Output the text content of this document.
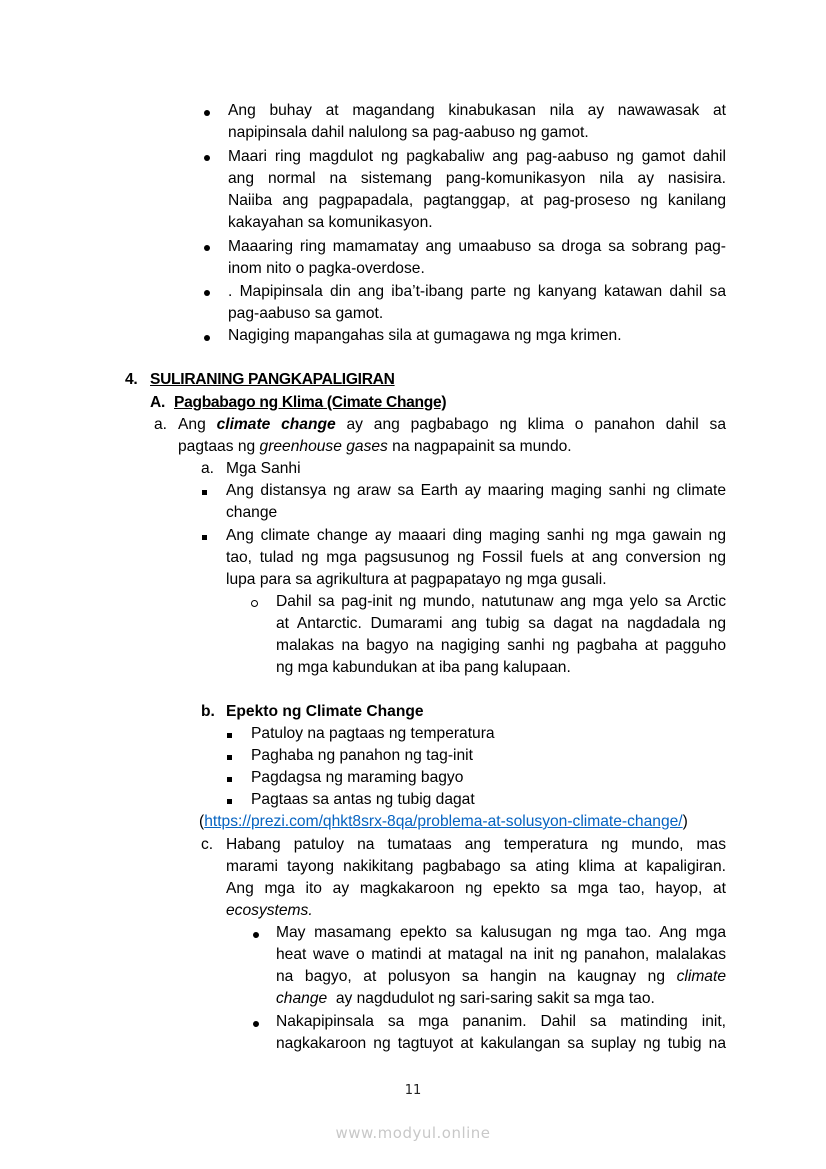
Ang buhay at magandang kinabukasan nila ay nawawasak at
napipinsala dahil nalulong sa pag-aabuso ng gamot.
Maari ring magdulot ng pagkabaliw ang pag-aabuso ng gamot dahil
ang normal na sistemang pang-komunikasyon nila ay nasisira.
Naiiba ang pagpapadala, pagtanggap, at pag-proseso ng kanilang
kakayahan sa komunikasyon.
Maaaring ring mamamatay ang umaabuso sa droga sa sobrang pag-
inom nito o pagka-overdose.
. Mapipinsala din ang iba’t-ibang parte ng kanyang katawan dahil sa
pag-aabuso sa gamot.
Nagiging mapangahas sila at gumagawa ng mga krimen.
4. SULIRANING PANGKAPALIGIRAN
A. Pagbabago ng Klima (Cimate Change)
a. Ang climate change ay ang pagbabago ng klima o panahon dahil sa
pagtaas ng greenhouse gases na nagpapainit sa mundo.
a. Mga Sanhi
Ang distansya ng araw sa Earth ay maaring maging sanhi ng climate
change
Ang climate change ay maaari ding maging sanhi ng mga gawain ng
tao, tulad ng mga pagsusunog ng Fossil fuels at ang conversion ng
lupa para sa agrikultura at pagpapatayo ng mga gusali.
Dahil sa pag-init ng mundo, natutunaw ang mga yelo sa Arctic
at Antarctic. Dumarami ang tubig sa dagat na nagdadala ng
malakas na bagyo na nagiging sanhi ng pagbaha at pagguho
ng mga kabundukan at iba pang kalupaan.
b. Epekto ng Climate Change
Patuloy na pagtaas ng temperatura
Paghaba ng panahon ng tag-init
Pagdagsa ng maraming bagyo
Pagtaas sa antas ng tubig dagat
(https://prezi.com/qhkt8srx-8qa/problema-at-solusyon-climate-change/)
c. Habang patuloy na tumataas ang temperatura ng mundo, mas
marami tayong nakikitang pagbabago sa ating klima at kapaligiran.
Ang mga ito ay magkakaroon ng epekto sa mga tao, hayop, at
ecosystems.
May masamang epekto sa kalusugan ng mga tao. Ang mga
heat wave o matindi at matagal na init ng panahon, malalakas
na bagyo, at polusyon sa hangin na kaugnay ng climate
change  ay nagdudulot ng sari-saring sakit sa mga tao.
Nakapipinsala sa mga pananim. Dahil sa matinding init,
nagkakaroon ng tagtuyot at kakulangan sa suplay ng tubig na
11
www.modyul.online
